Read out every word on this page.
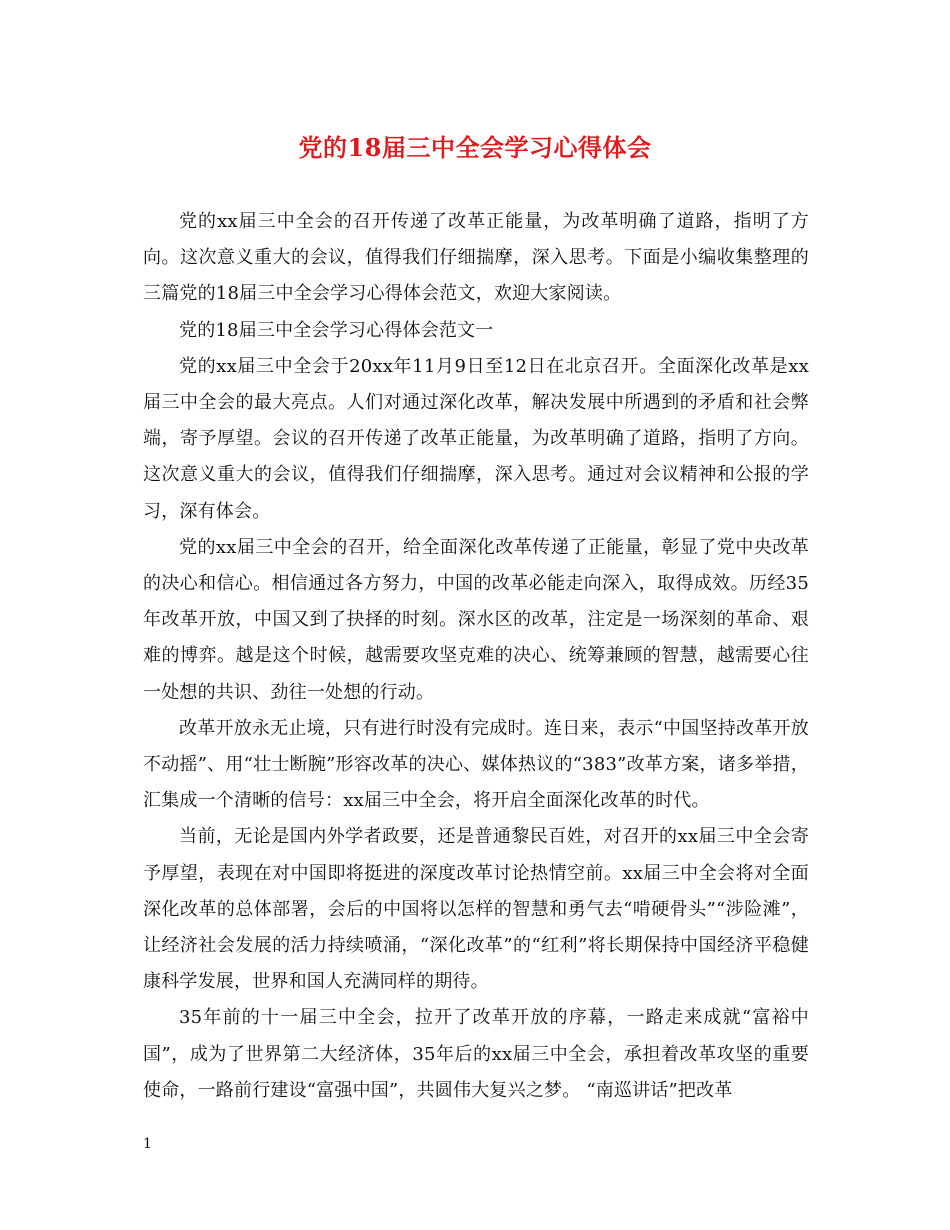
党的18届三中全会学习心得体会

党的xx届三中全会的召开传递了改革正能量，为改革明确了道路，指明了方向。这次意义重大的会议，值得我们仔细揣摩，深入思考。下面是小编收集整理的三篇党的18届三中全会学习心得体会范文，欢迎大家阅读。

党的18届三中全会学习心得体会范文一

党的xx届三中全会于20xx年11月9日至12日在北京召开。全面深化改革是xx届三中全会的最大亮点。人们对通过深化改革，解决发展中所遇到的矛盾和社会弊端，寄予厚望。会议的召开传递了改革正能量，为改革明确了道路，指明了方向。这次意义重大的会议，值得我们仔细揣摩，深入思考。通过对会议精神和公报的学习，深有体会。

党的xx届三中全会的召开，给全面深化改革传递了正能量，彰显了党中央改革的决心和信心。相信通过各方努力，中国的改革必能走向深入，取得成效。历经35年改革开放，中国又到了抉择的时刻。深水区的改革，注定是一场深刻的革命、艰难的博弈。越是这个时候，越需要攻坚克难的决心、统筹兼顾的智慧，越需要心往一处想的共识、劲往一处想的行动。

改革开放永无止境，只有进行时没有完成时。连日来，表示“中国坚持改革开放不动摇”、用“壮士断腕”形容改革的决心、媒体热议的“383”改革方案，诸多举措，汇集成一个清晰的信号：xx届三中全会，将开启全面深化改革的时代。

当前，无论是国内外学者政要，还是普通黎民百姓，对召开的xx届三中全会寄予厚望，表现在对中国即将挺进的深度改革讨论热情空前。xx届三中全会将对全面深化改革的总体部署，会后的中国将以怎样的智慧和勇气去“啃硬骨头”“涉险滩”，让经济社会发展的活力持续喷涌，“深化改革”的“红利”将长期保持中国经济平稳健康科学发展，世界和国人充满同样的期待。

35年前的十一届三中全会，拉开了改革开放的序幕，一路走来成就“富裕中国”，成为了世界第二大经济体，35年后的xx届三中全会，承担着改革攻坚的重要使命，一路前行建设“富强中国”，共圆伟大复兴之梦。 “南巡讲话”把改革

1
